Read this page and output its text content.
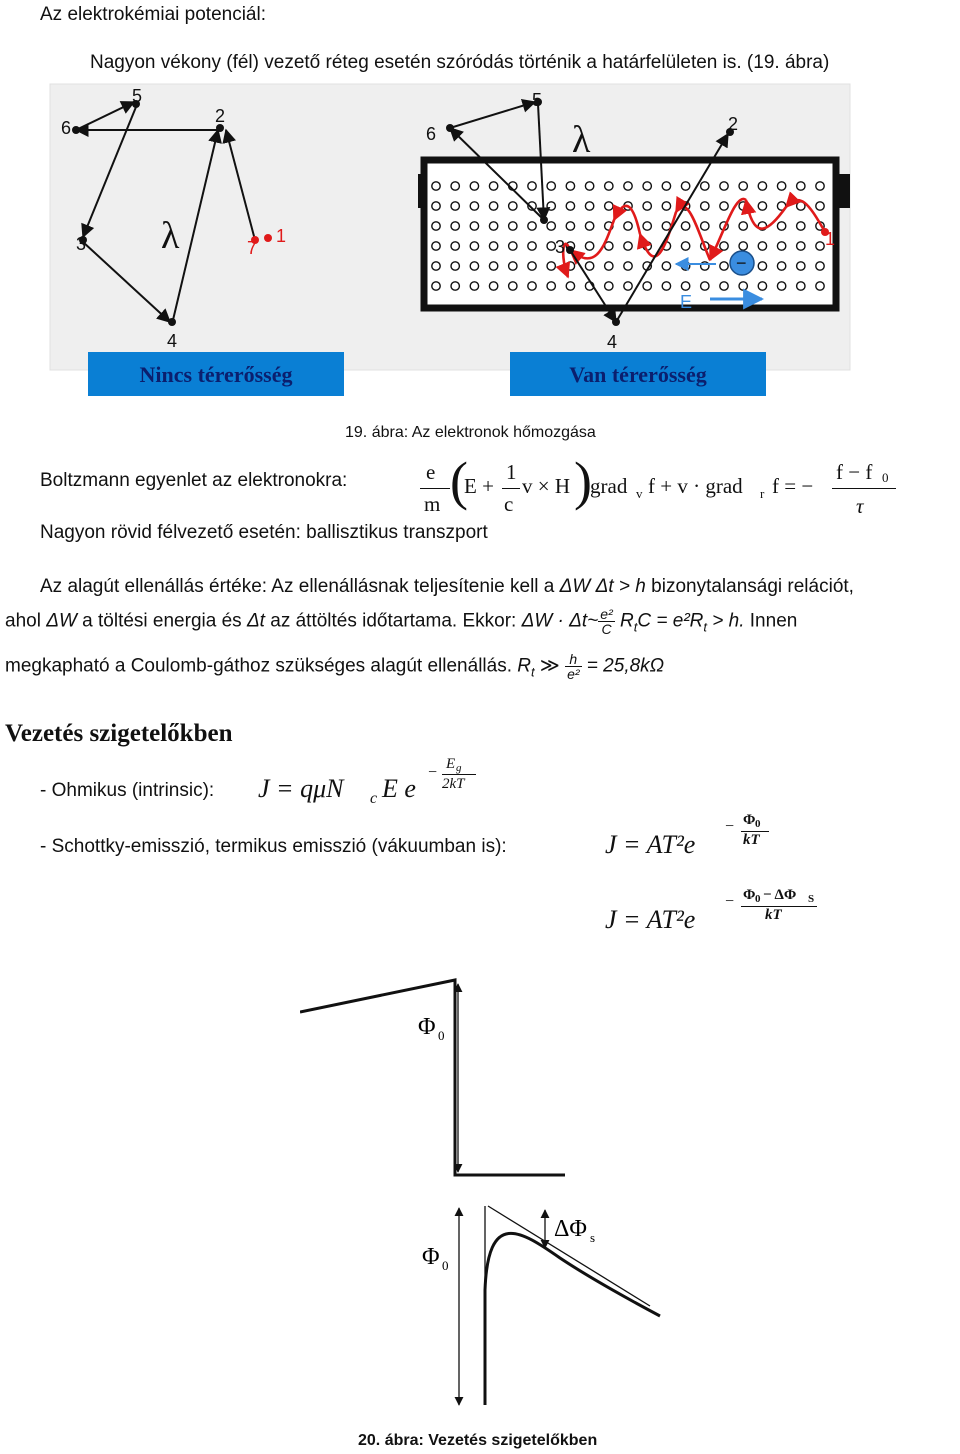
Az elektrokémiai potenciál:
Nagyon vékony (fél) vezető réteg esetén szóródás történik a határfelületen is. (19. ábra)
5
6
2
3	7
1
4
λ
−
E
5
6	2
3	1
4
λ
Nincs térerősség	Van térerősség
19. ábra: Az elektronok hőmozgása
Boltzmann egyenlet az elektronokra:	e
m (
E +
1
c
v × H )
grad v f + v · grad r f = −
f − f 0
τ
Nagyon rövid félvezető esetén: ballisztikus transzport
Az alagút ellenállás értéke: Az ellenállásnak teljesítenie kell a ΔW Δt > h bizonytalansági relációt,
ahol ΔW a töltési energia és Δt az áttöltés időtartama. Ekkor: ΔW · Δt~ $\frac{\text{e²}}{C} R_tC = e^2R_t > h$. Innen
megkapható a Coulomb-gáthoz szükséges alagút ellenállás. $R_t$ ≫ $\frac{h}{\text{e²}} = 25,8k\Omega$
Vezetés szigetelőkben
- Ohmikus (intrinsic): J = qμN c E e
− E g
2kT
- Schottky-emisszió, termikus emisszió (vákuumban is):	J = AT²e
− Φ 0
kT
J = AT²e
− Φ 0 − ΔΦ S
kT
Φ 0
Φ 0
ΔΦ s
20. ábra: Vezetés szigetelőkben
